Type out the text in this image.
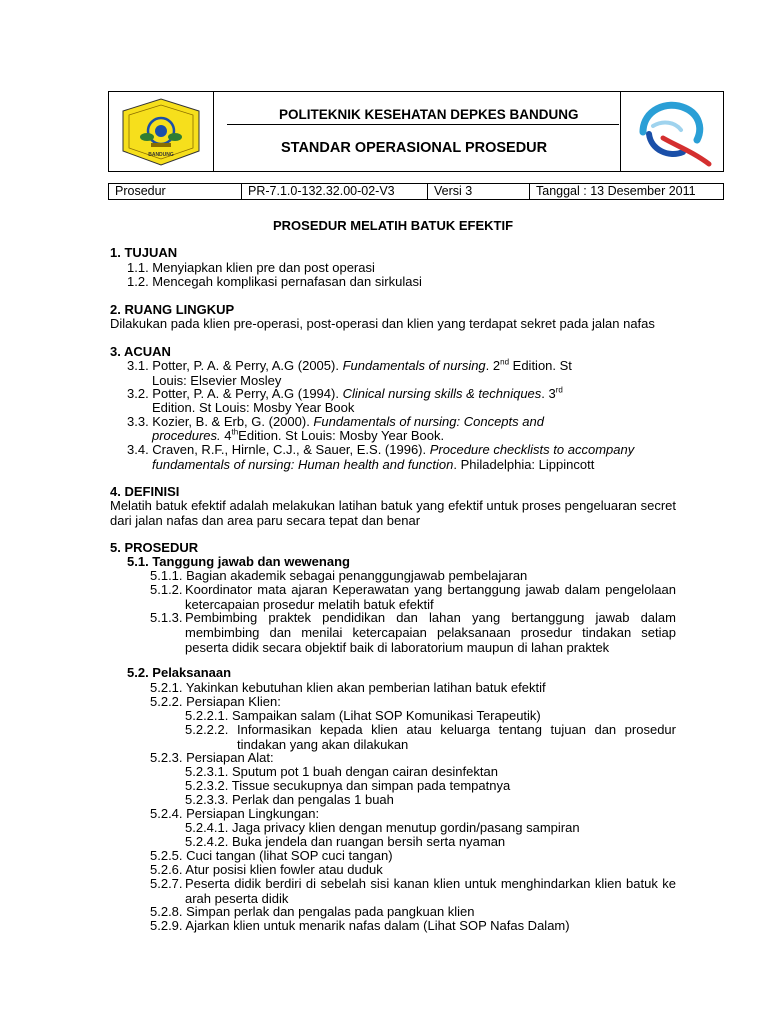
BANDUNG
POLITEKNIK KESEHATAN DEPKES BANDUNG
STANDAR OPERASIONAL PROSEDUR
Prosedur	PR-7.1.0-132.32.00-02-V3	Versi 3	Tanggal : 13 Desember 2011
PROSEDUR MELATIH BATUK EFEKTIF
1. TUJUAN
1.1. Menyiapkan klien pre dan post operasi
1.2. Mencegah komplikasi pernafasan dan sirkulasi
2. RUANG LINGKUP
Dilakukan pada klien pre-operasi, post-operasi dan klien yang terdapat sekret pada jalan nafas
3. ACUAN
3.1. Potter, P. A. & Perry, A.G (2005). Fundamentals of nursing. 2nd Edition. St
Louis: Elsevier Mosley
3.2. Potter, P. A. & Perry, A.G (1994). Clinical nursing skills & techniques. 3rd
Edition. St Louis: Mosby Year Book
3.3. Kozier, B. & Erb, G. (2000). Fundamentals of nursing: Concepts and
procedures. 4thEdition. St Louis: Mosby Year Book.
3.4. Craven, R.F., Hirnle, C.J., & Sauer, E.S. (1996). Procedure checklists to accompany
fundamentals of nursing: Human health and function. Philadelphia: Lippincott
4. DEFINISI
Melatih batuk efektif adalah melakukan latihan batuk yang efektif untuk proses pengeluaran secret dari jalan nafas dan area paru secara tepat dan benar
5. PROSEDUR
5.1. Tanggung jawab dan wewenang
5.1.1. Bagian akademik sebagai penanggungjawab pembelajaran
5.1.2. Koordinator mata ajaran Keperawatan yang bertanggung jawab dalam pengelolaan ketercapaian prosedur melatih batuk efektif
5.1.3. Pembimbing praktek pendidikan dan lahan yang bertanggung jawab dalam membimbing dan menilai ketercapaian pelaksanaan prosedur tindakan setiap peserta didik secara objektif baik di laboratorium maupun di lahan praktek
5.2. Pelaksanaan
5.2.1. Yakinkan kebutuhan klien akan pemberian latihan batuk efektif
5.2.2. Persiapan Klien:
5.2.2.1. Sampaikan salam (Lihat SOP Komunikasi Terapeutik)
5.2.2.2. Informasikan kepada klien atau keluarga tentang tujuan dan prosedur tindakan yang akan dilakukan
5.2.3. Persiapan Alat:
5.2.3.1. Sputum pot 1 buah dengan cairan desinfektan
5.2.3.2. Tissue secukupnya dan simpan pada tempatnya
5.2.3.3. Perlak dan pengalas 1 buah
5.2.4. Persiapan Lingkungan:
5.2.4.1. Jaga privacy klien dengan menutup gordin/pasang sampiran
5.2.4.2. Buka jendela dan ruangan bersih serta nyaman
5.2.5. Cuci tangan (lihat SOP cuci tangan)
5.2.6. Atur posisi klien fowler atau duduk
5.2.7. Peserta didik berdiri di sebelah sisi kanan klien untuk menghindarkan klien batuk ke arah peserta didik
5.2.8. Simpan perlak dan pengalas pada pangkuan klien
5.2.9. Ajarkan klien untuk menarik nafas dalam (Lihat SOP Nafas Dalam)
